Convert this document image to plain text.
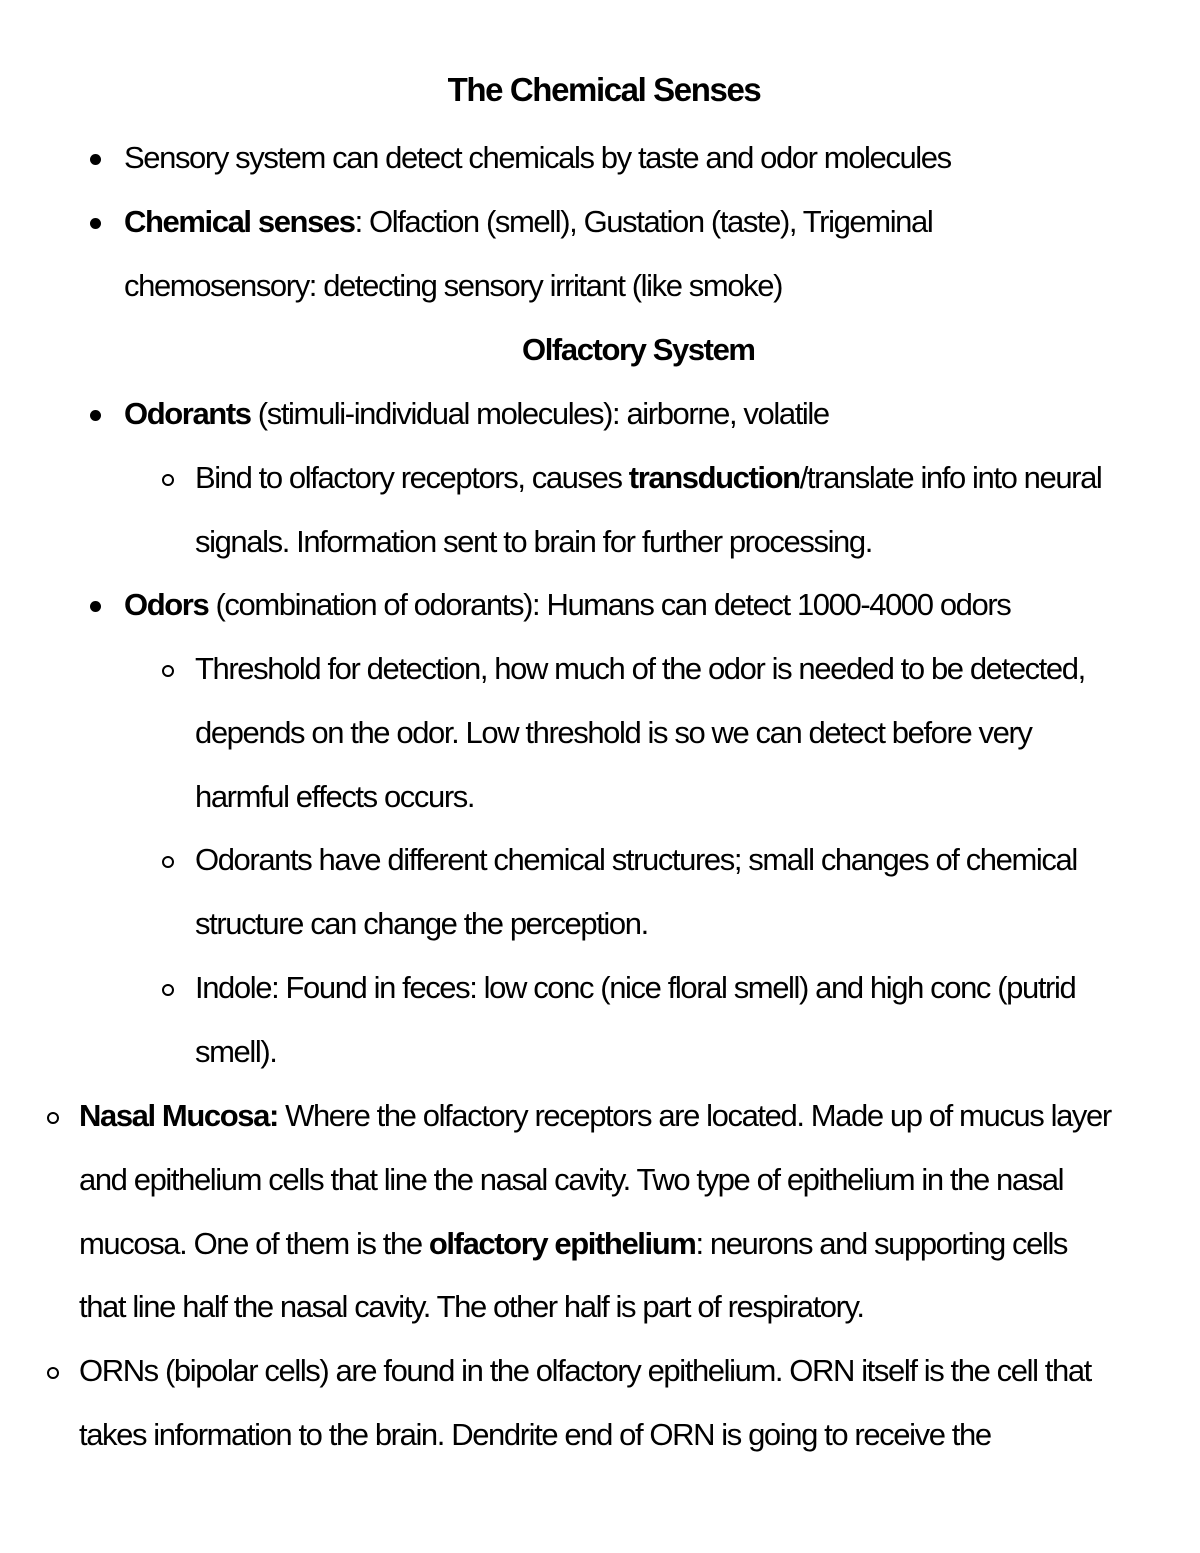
The Chemical Senses
Sensory system can detect chemicals by taste and odor molecules
Chemical senses: Olfaction (smell), Gustation (taste), Trigeminal
chemosensory: detecting sensory irritant (like smoke)
Olfactory System
Odorants (stimuli-individual molecules): airborne, volatile
Bind to olfactory receptors, causes transduction/translate info into neural
signals. Information sent to brain for further processing.
Odors (combination of odorants): Humans can detect 1000-4000 odors
Threshold for detection, how much of the odor is needed to be detected,
depends on the odor. Low threshold is so we can detect before very
harmful effects occurs.
Odorants have different chemical structures; small changes of chemical
structure can change the perception.
Indole: Found in feces: low conc (nice floral smell) and high conc (putrid
smell).
Nasal Mucosa: Where the olfactory receptors are located. Made up of mucus layer
and epithelium cells that line the nasal cavity. Two type of epithelium in the nasal
mucosa. One of them is the olfactory epithelium: neurons and supporting cells
that line half the nasal cavity. The other half is part of respiratory.
ORNs (bipolar cells) are found in the olfactory epithelium. ORN itself is the cell that
takes information to the brain. Dendrite end of ORN is going to receive the
